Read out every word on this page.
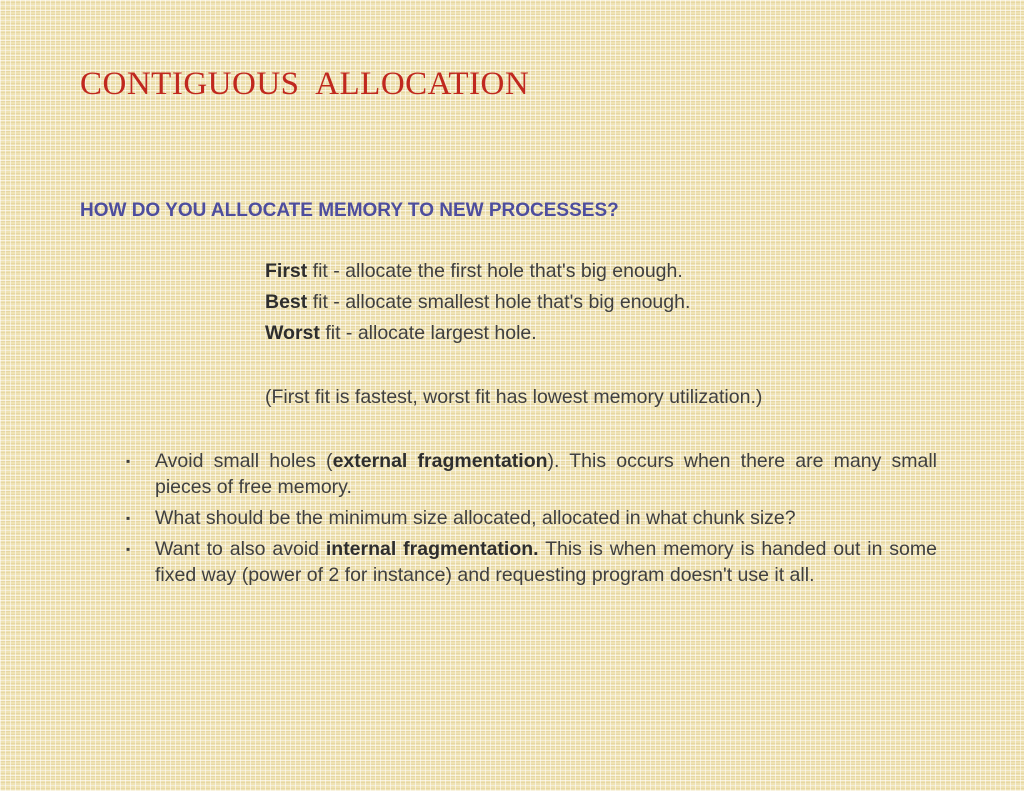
CONTIGUOUS  ALLOCATION
HOW DO YOU ALLOCATE MEMORY TO NEW PROCESSES?
First fit - allocate the first hole that's big enough.
Best fit - allocate smallest hole that's big enough.
Worst fit - allocate largest hole.
(First fit is fastest, worst fit has lowest memory utilization.)
▪ Avoid small holes (external fragmentation). This occurs when there are many small pieces of free memory.
▪ What should be the minimum size allocated, allocated in what chunk size?
▪ Want to also avoid internal fragmentation. This is when memory is handed out in some fixed way (power of 2 for instance) and requesting program doesn't use it all.
